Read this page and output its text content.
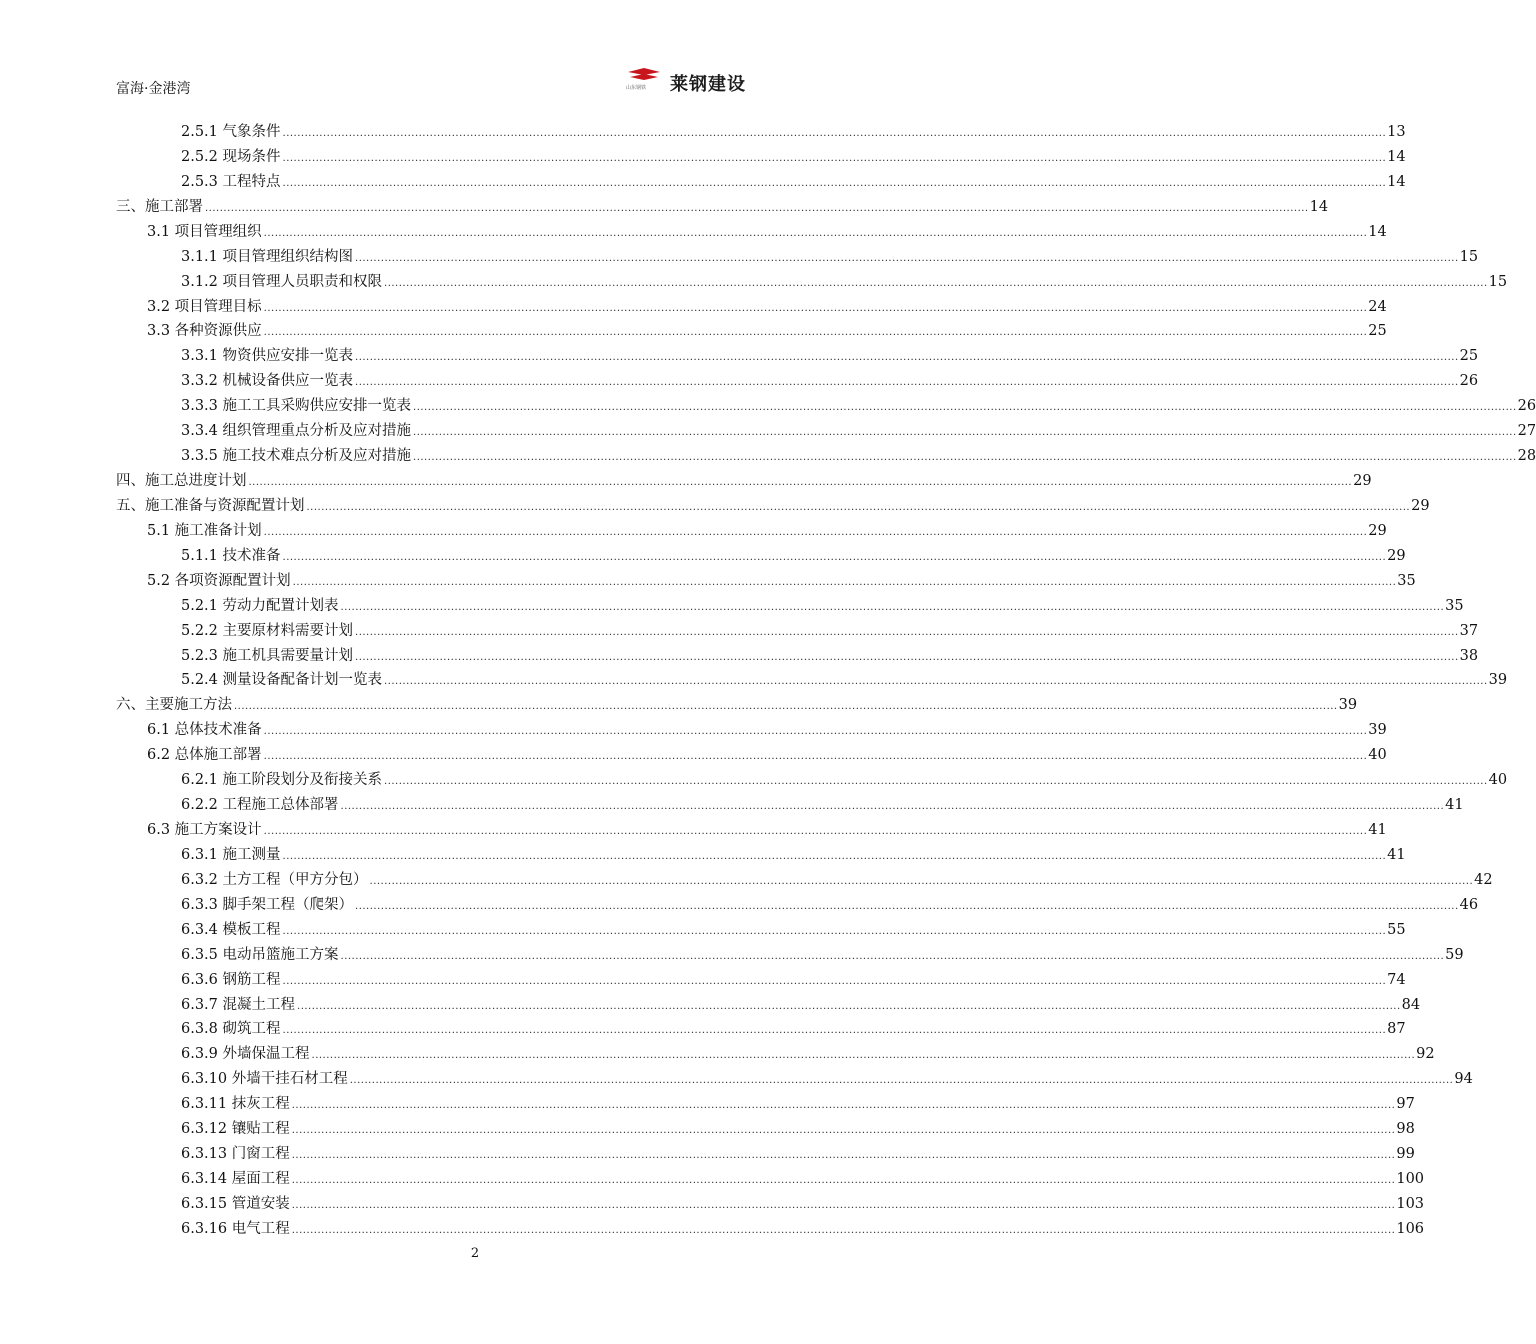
富海·金港湾	山东钢铁 莱钢建设
2.5.1 气象条件 ............................................................................................................................................................................................................................................................................................................ 13
2.5.2 现场条件 ............................................................................................................................................................................................................................................................................................................ 14
2.5.3 工程特点 ............................................................................................................................................................................................................................................................................................................ 14
三、施工部署 ............................................................................................................................................................................................................................................................................................................ 14
3.1 项目管理组织 ............................................................................................................................................................................................................................................................................................................ 14
3.1.1 项目管理组织结构图 ............................................................................................................................................................................................................................................................................................................ 15
3.1.2 项目管理人员职责和权限 ............................................................................................................................................................................................................................................................................................................ 15
3.2 项目管理目标 ............................................................................................................................................................................................................................................................................................................ 24
3.3 各种资源供应 ............................................................................................................................................................................................................................................................................................................ 25
3.3.1 物资供应安排一览表 ............................................................................................................................................................................................................................................................................................................ 25
3.3.2 机械设备供应一览表 ............................................................................................................................................................................................................................................................................................................ 26
3.3.3 施工工具采购供应安排一览表 ............................................................................................................................................................................................................................................................................................................ 26
3.3.4 组织管理重点分析及应对措施 ............................................................................................................................................................................................................................................................................................................ 27
3.3.5 施工技术难点分析及应对措施 ............................................................................................................................................................................................................................................................................................................ 28
四、施工总进度计划 ............................................................................................................................................................................................................................................................................................................ 29
五、施工准备与资源配置计划 ............................................................................................................................................................................................................................................................................................................ 29
5.1 施工准备计划 ............................................................................................................................................................................................................................................................................................................ 29
5.1.1 技术准备 ............................................................................................................................................................................................................................................................................................................ 29
5.2 各项资源配置计划 ............................................................................................................................................................................................................................................................................................................ 35
5.2.1 劳动力配置计划表 ............................................................................................................................................................................................................................................................................................................ 35
5.2.2 主要原材料需要计划 ............................................................................................................................................................................................................................................................................................................ 37
5.2.3 施工机具需要量计划 ............................................................................................................................................................................................................................................................................................................ 38
5.2.4 测量设备配备计划一览表 ............................................................................................................................................................................................................................................................................................................ 39
六、主要施工方法 ............................................................................................................................................................................................................................................................................................................ 39
6.1 总体技术准备 ............................................................................................................................................................................................................................................................................................................ 39
6.2 总体施工部署 ............................................................................................................................................................................................................................................................................................................ 40
6.2.1 施工阶段划分及衔接关系 ............................................................................................................................................................................................................................................................................................................ 40
6.2.2 工程施工总体部署 ............................................................................................................................................................................................................................................................................................................ 41
6.3 施工方案设计 ............................................................................................................................................................................................................................................................................................................ 41
6.3.1 施工测量 ............................................................................................................................................................................................................................................................................................................ 41
6.3.2 土方工程（甲方分包） ............................................................................................................................................................................................................................................................................................................ 42
6.3.3 脚手架工程（爬架） ............................................................................................................................................................................................................................................................................................................ 46
6.3.4 模板工程 ............................................................................................................................................................................................................................................................................................................ 55
6.3.5 电动吊篮施工方案 ............................................................................................................................................................................................................................................................................................................ 59
6.3.6 钢筋工程 ............................................................................................................................................................................................................................................................................................................ 74
6.3.7 混凝土工程 ............................................................................................................................................................................................................................................................................................................ 84
6.3.8 砌筑工程 ............................................................................................................................................................................................................................................................................................................ 87
6.3.9 外墙保温工程 ............................................................................................................................................................................................................................................................................................................ 92
6.3.10 外墙干挂石材工程 ............................................................................................................................................................................................................................................................................................................ 94
6.3.11 抹灰工程 ............................................................................................................................................................................................................................................................................................................ 97
6.3.12 镶贴工程 ............................................................................................................................................................................................................................................................................................................ 98
6.3.13 门窗工程 ............................................................................................................................................................................................................................................................................................................ 99
6.3.14 屋面工程 ............................................................................................................................................................................................................................................................................................................ 100
6.3.15 管道安装 ............................................................................................................................................................................................................................................................................................................ 103
6.3.16 电气工程 ............................................................................................................................................................................................................................................................................................................ 106
2
